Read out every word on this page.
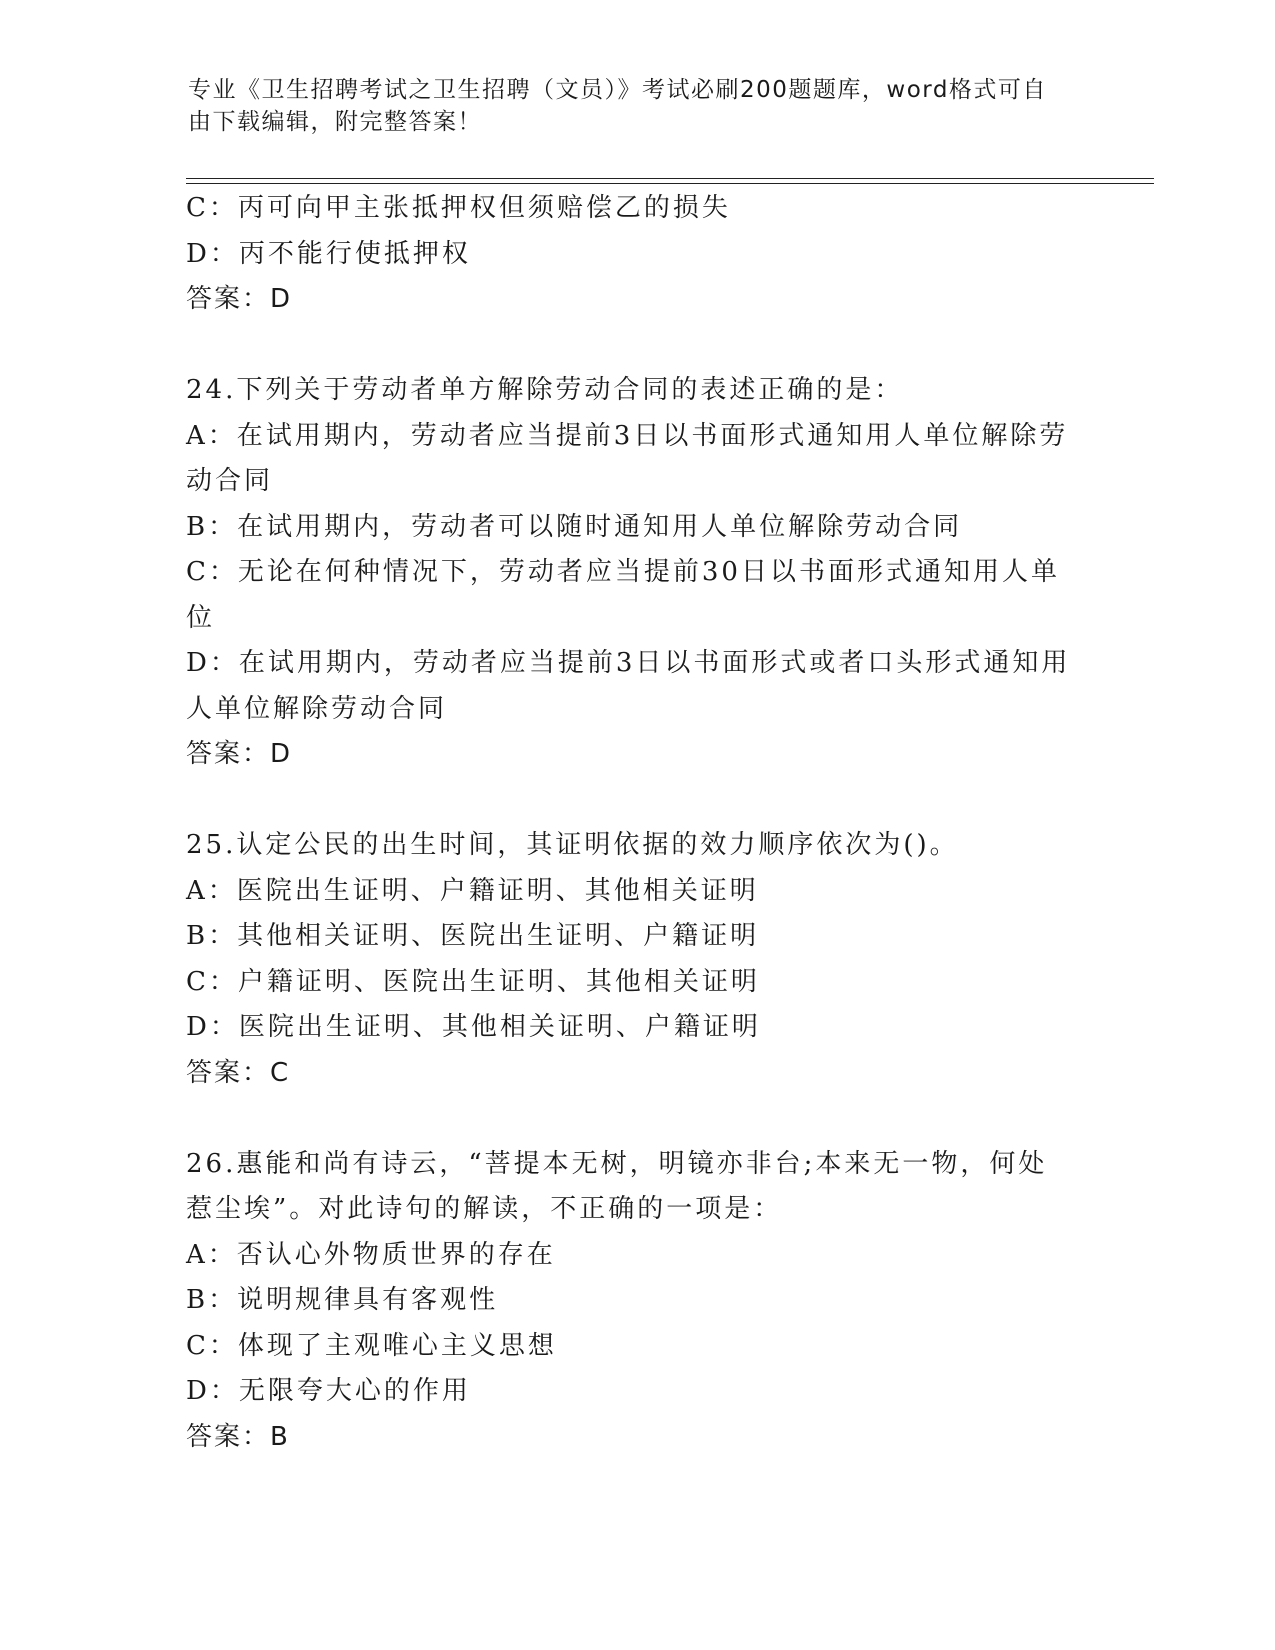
专业《卫生招聘考试之卫生招聘（文员）》考试必刷200题题库，word格式可自
由下载编辑，附完整答案！
C：丙可向甲主张抵押权但须赔偿乙的损失
D：丙不能行使抵押权
答案：D
24.下列关于劳动者单方解除劳动合同的表述正确的是：
A：在试用期内，劳动者应当提前3日以书面形式通知用人单位解除劳
动合同
B：在试用期内，劳动者可以随时通知用人单位解除劳动合同
C：无论在何种情况下，劳动者应当提前30日以书面形式通知用人单
位
D：在试用期内，劳动者应当提前3日以书面形式或者口头形式通知用
人单位解除劳动合同
答案：D
25.认定公民的出生时间，其证明依据的效力顺序依次为()。
A：医院出生证明、户籍证明、其他相关证明
B：其他相关证明、医院出生证明、户籍证明
C：户籍证明、医院出生证明、其他相关证明
D：医院出生证明、其他相关证明、户籍证明
答案：C
26.惠能和尚有诗云，“菩提本无树，明镜亦非台;本来无一物，何处
惹尘埃”。对此诗句的解读，不正确的一项是：
A：否认心外物质世界的存在
B：说明规律具有客观性
C：体现了主观唯心主义思想
D：无限夸大心的作用
答案：B
